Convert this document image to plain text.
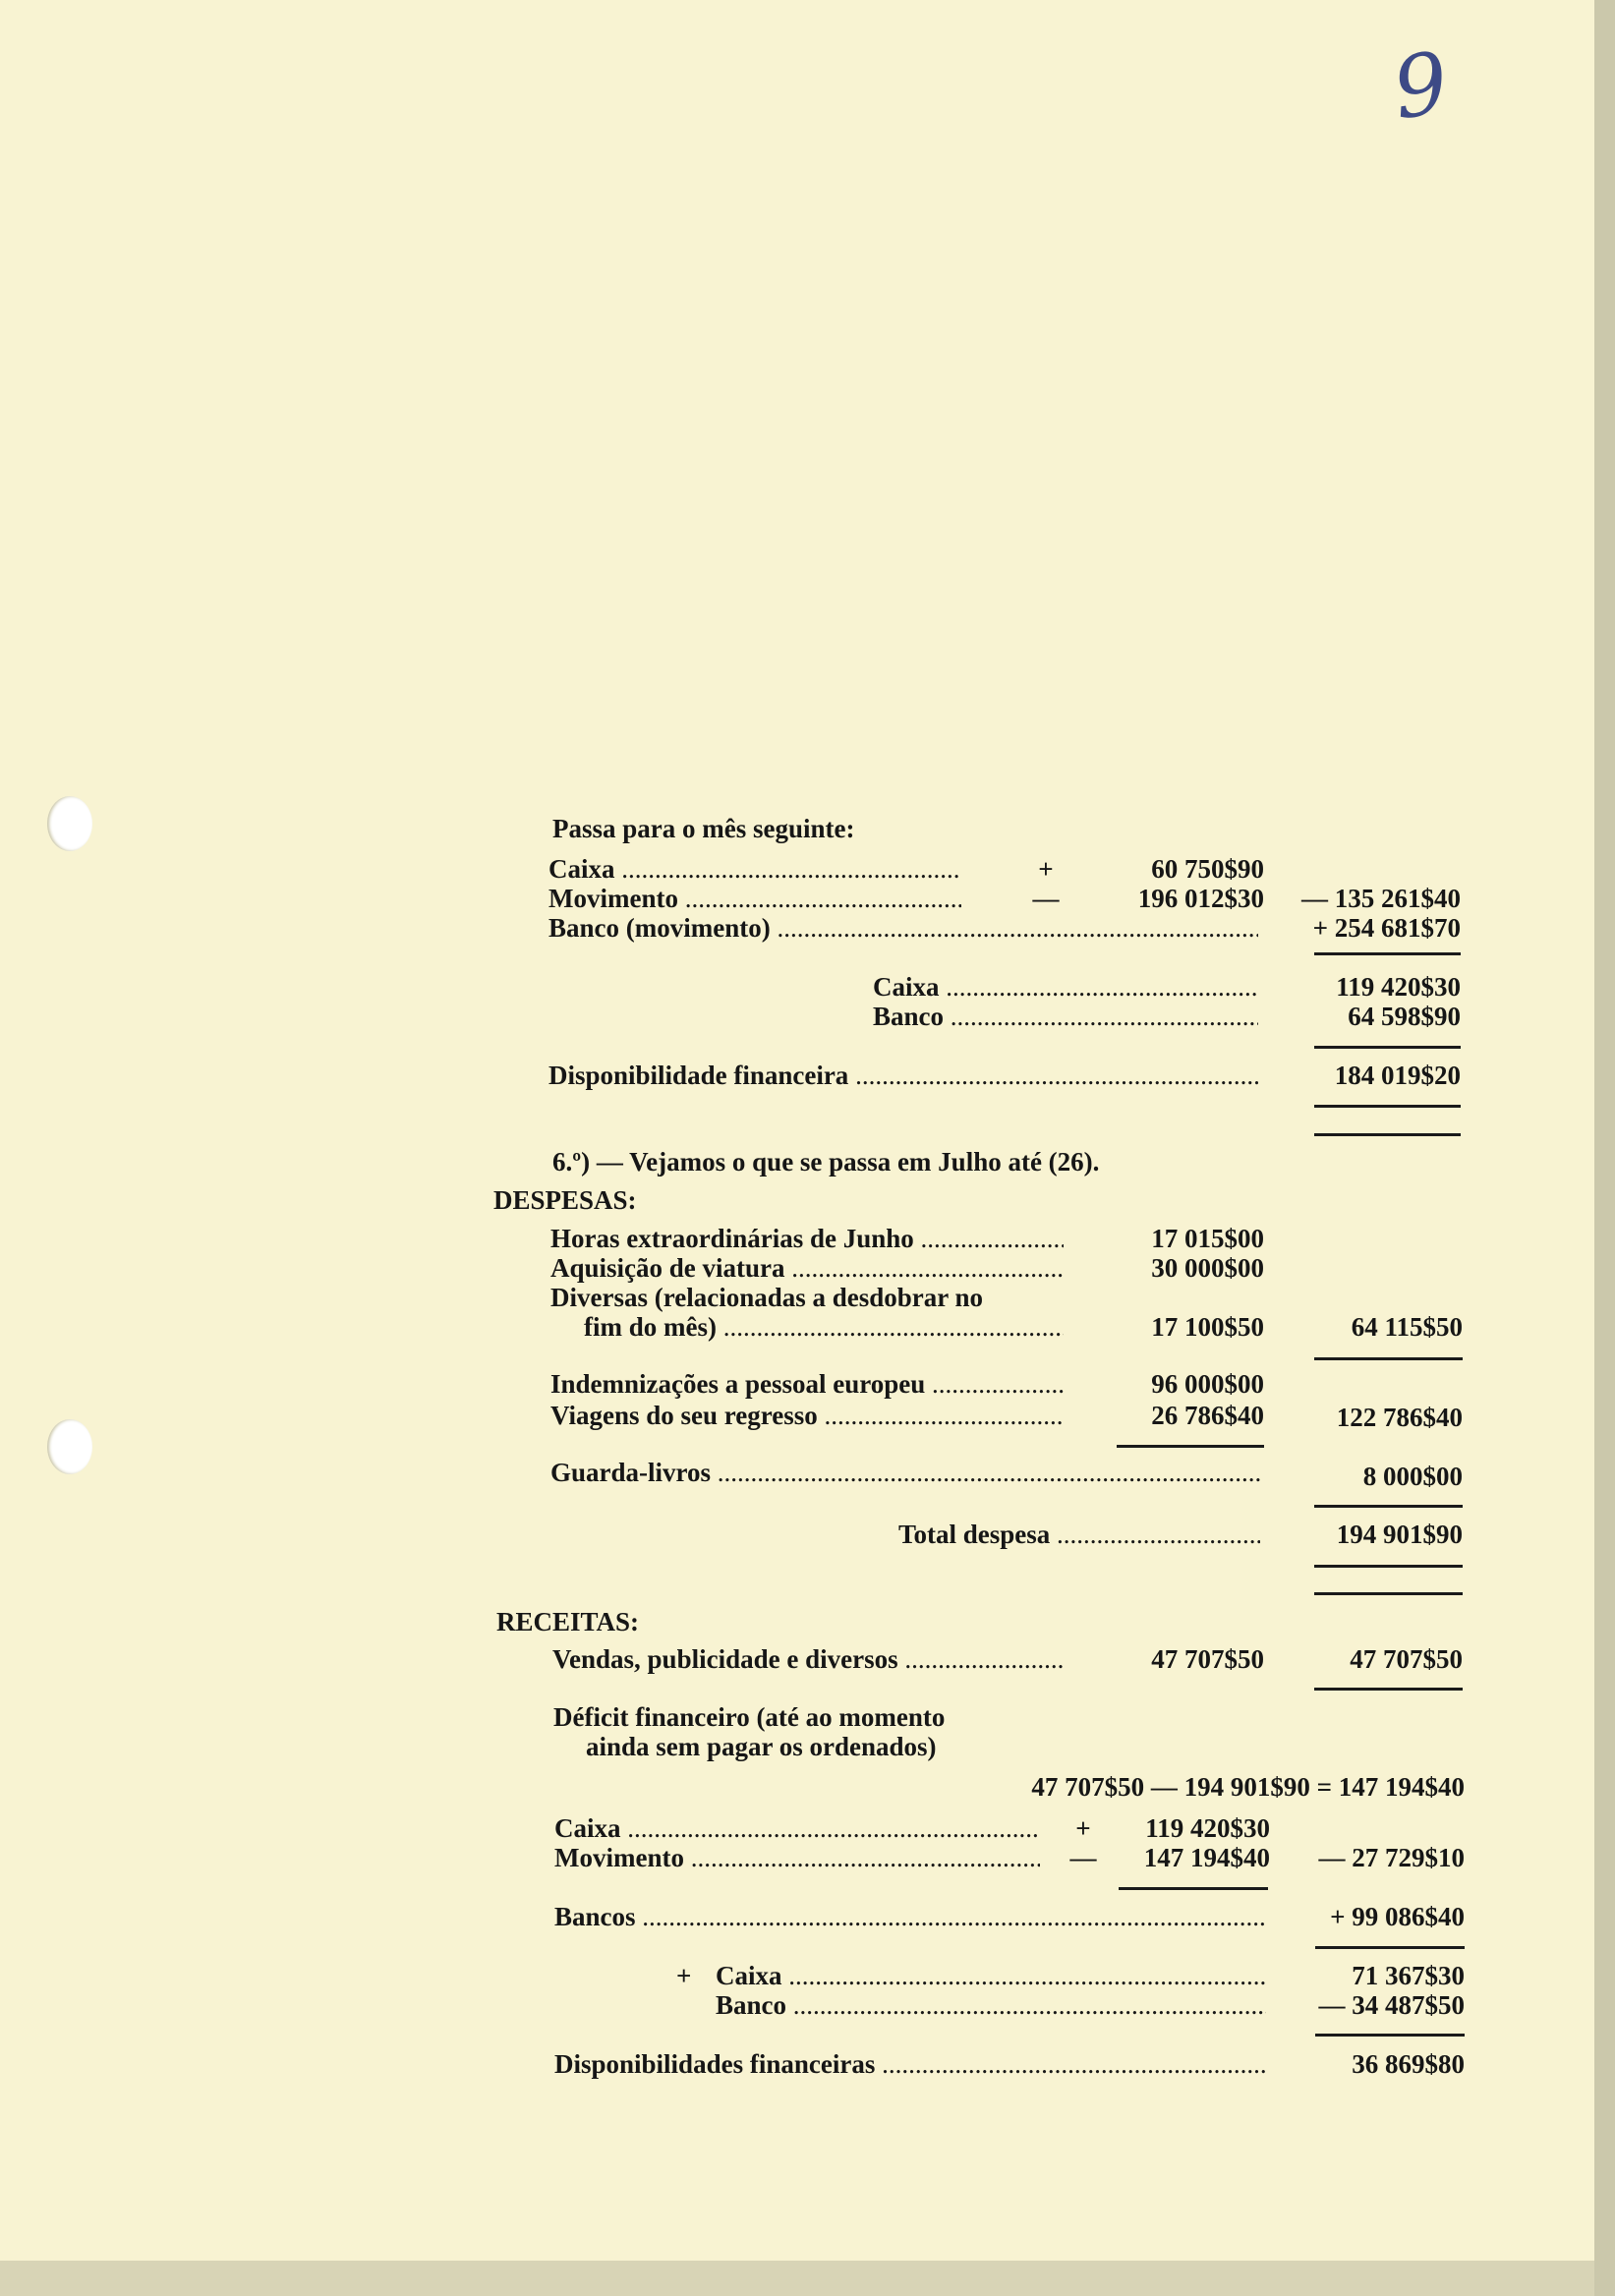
9
Passa para o mês seguinte:
Caixa .....	+	60 750$90
Movimento .....	—	196 012$30	— 135 261$40
Banco (movimento) .....	+ 254 681$70
Caixa .....	119 420$30
Banco .....	64 598$90
Disponibilidade financeira .....	184 019$20
6.º) — Vejamos o que se passa em Julho até (26).
DESPESAS:
Horas extraordinárias de Junho .....	17 015$00
Aquisição de viatura .....	30 000$00
Diversas (relacionadas a desdobrar no
fim do mês) .....	17 100$50	64 115$50
Indemnizações a pessoal europeu .....	96 000$00
Viagens do seu regresso .....	26 786$40	122 786$40
Guarda-livros .....	8 000$00
Total despesa .....	194 901$90
RECEITAS:
Vendas, publicidade e diversos .....	47 707$50	47 707$50
Déficit financeiro (até ao momento
ainda sem pagar os ordenados)
47 707$50 — 194 901$90 = 147 194$40
Caixa .....	+	119 420$30
Movimento .....	—	147 194$40	— 27 729$10
Bancos .....	+ 99 086$40
+ Caixa .....	71 367$30
Banco .....	— 34 487$50
Disponibilidades financeiras .....	36 869$80
